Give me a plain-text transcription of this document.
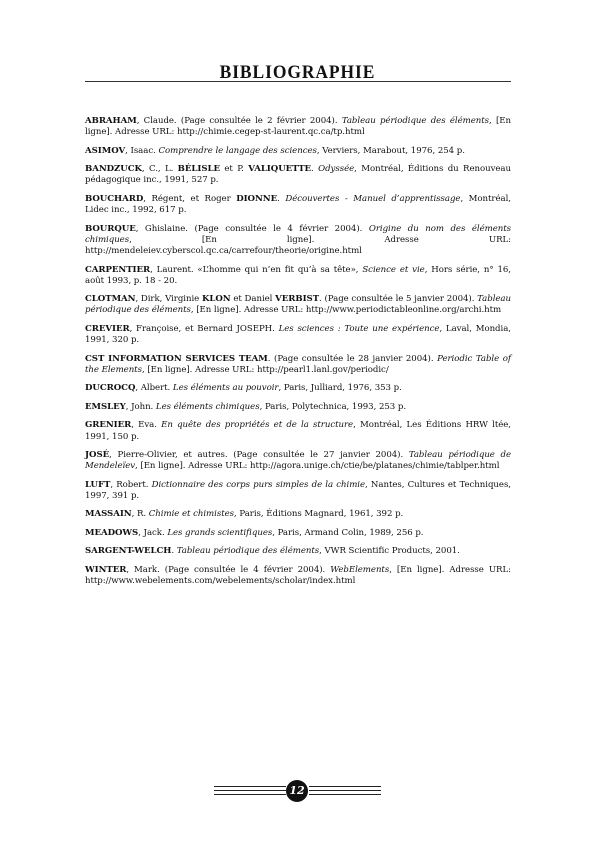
BIBLIOGRAPHIE

ABRAHAM, Claude. (Page consultée le 2 février 2004). Tableau périodique des éléments, [En ligne]. Adresse URL: http://chimie.cegep-st-laurent.qc.ca/tp.html

ASIMOV, Isaac. Comprendre le langage des sciences, Verviers, Marabout, 1976, 254 p.

BANDZUCK, C., L. BÉLISLE et P. VALIQUETTE. Odyssée, Montréal, Éditions du Renouveau pédagogique inc., 1991, 527 p.

BOUCHARD, Régent, et Roger DIONNE. Découvertes - Manuel d’apprentissage, Montréal, Lidec inc., 1992, 617 p.

BOURQUE, Ghislaine. (Page consultée le 4 février 2004). Origine du nom des éléments chimiques, [En ligne]. Adresse URL: http://mendeleiev.cyberscol.qc.ca/carrefour/theorie/origine.html

CARPENTIER, Laurent. «L’homme qui n’en fit qu’à sa tête», Science et vie, Hors série, n° 16, août 1993, p. 18 - 20.

CLOTMAN, Dirk, Virginie KLON et Daniel VERBIST. (Page consultée le 5 janvier 2004). Tableau périodique des éléments, [En ligne]. Adresse URL: http://www.periodictableonline.org/archi.htm

CREVIER, Françoise, et Bernard JOSEPH. Les sciences : Toute une expérience, Laval, Mondia, 1991, 320 p.

CST INFORMATION SERVICES TEAM. (Page consultée le 28 janvier 2004). Periodic Table of the Elements, [En ligne]. Adresse URL: http://pearl1.lanl.gov/periodic/

DUCROCQ, Albert. Les éléments au pouvoir, Paris, Julliard, 1976, 353 p.

EMSLEY, John. Les éléments chimiques, Paris, Polytechnica, 1993, 253 p.

GRENIER, Eva. En quête des propriétés et de la structure, Montréal, Les Éditions HRW ltée, 1991, 150 p.

JOSÉ, Pierre-Olivier, et autres. (Page consultée le 27 janvier 2004). Tableau périodique de Mendeleïev, [En ligne]. Adresse URL: http://agora.unige.ch/ctie/be/platanes/chimie/tablper.html

LUFT, Robert. Dictionnaire des corps purs simples de la chimie, Nantes, Cultures et Techniques, 1997, 391 p.

MASSAIN, R. Chimie et chimistes, Paris, Éditions Magnard, 1961, 392 p.

MEADOWS, Jack. Les grands scientifiques, Paris, Armand Colin, 1989, 256 p.

SARGENT-WELCH. Tableau périodique des éléments, VWR Scientific Products, 2001.

WINTER, Mark. (Page consultée le 4 février 2004). WebElements, [En ligne]. Adresse URL: http://www.webelements.com/webelements/scholar/index.html

12
